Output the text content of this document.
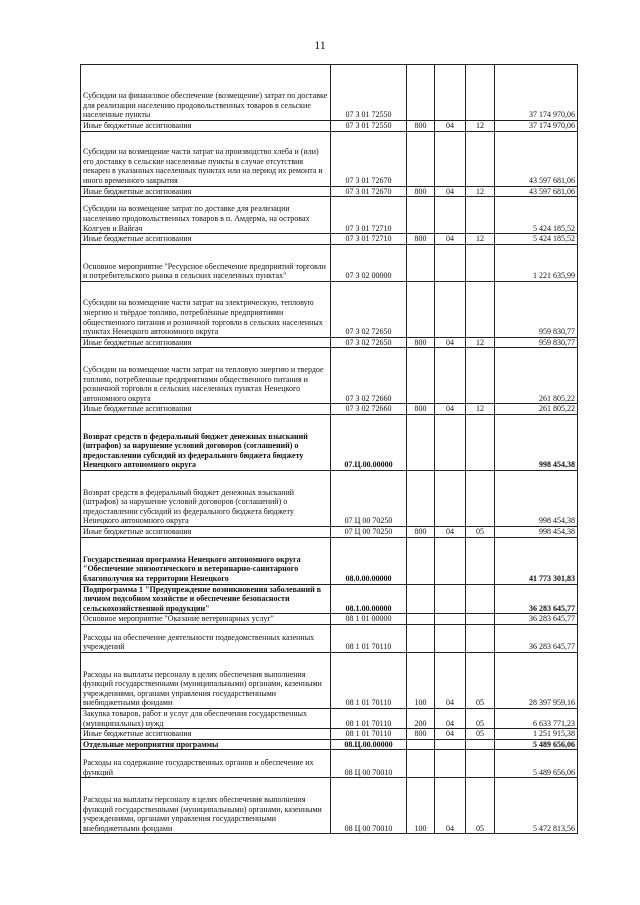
11
Субсидии на финансовое обеспечение (возмещение) затрат по доставке для реализации населению продовольственных товаров в сельские населенные пункты	07 3 01 72550				37 174 970,06
Иные бюджетные ассигнования	07 3 01 72550	800	04	12	37 174 970,06
Субсидии на возмещение части затрат на производство хлеба и (или) его доставку в сельские населенные пункты в случае отсутствия пекарен в указанных населенных пунктах или на период их ремонта и иного временного закрытия	07 3 01 72670				43 597 681,06
Иные бюджетные ассигнования	07 3 01 72670	800	04	12	43 597 681,06
Субсидии на возмещение затрат по доставке для реализации населению продовольственных товаров в п. Амдерма, на островах Колгуев и Вайгач	07 3 01 72710				5 424 185,52
Иные бюджетные ассигнования	07 3 01 72710	800	04	12	5 424 185,52
Основное мероприятие "Ресурсное обеспечение предприятий торговли и потребительского рынка в сельских населенных пунктах"	07 3 02 00000				1 221 635,99
Субсидии на возмещение части затрат на электрическую, тепловую энергию и твёрдое топливо, потреблённые предприятиями общественного питания и розничной торговли в сельских населенных пунктах Ненецкого автономного округа	07 3 02 72650				959 830,77
Иные бюджетные ассигнования	07 3 02 72650	800	04	12	959 830,77
Субсидии на возмещение части затрат на тепловую энергию и твердое топливо, потребленные предприятиями общественного питания и розничной торговли в сельских населенных пунктах Ненецкого автономного округа	07 3 02 72660				261 805,22
Иные бюджетные ассигнования	07 3 02 72660	800	04	12	261 805,22
Возврат средств в федеральный бюджет денежных взысканий (штрафов) за нарушение условий договоров (соглашений) о предоставлении субсидий из федерального бюджета бюджету Ненецкого автономного округа	07.Ц.00.00000				998 454,38
Возврат средств в федеральный бюджет денежных взысканий (штрафов) за нарушение условий договоров (соглашений) о предоставлении субсидий из федерального бюджета бюджету Ненецкого автономного округа	07 Ц 00 70250				998 454,38
Иные бюджетные ассигнования	07 Ц 00 70250	800	04	05	998 454,38
Государственная программа Ненецкого автономного округа "Обеспечение эпизоотического и ветеринарно-санитарного благополучия на территории Ненецкого	08.0.00.00000				41 773 301,83
Подпрограмма 1 "Предупреждение возникновения заболеваний в личном подсобном хозяйстве и обеспечение безопасности сельскохозяйственной продукции"	08.1.00.00000				36 283 645,77
Основное мероприятие "Оказание ветеринарных услуг"	08 1 01 00000				36 283 645,77
Расходы на обеспечение деятельности подведомственных казенных учреждений	08 1 01 70110				36 283 645,77
Расходы на выплаты персоналу в целях обеспечения выполнения функций государственными (муниципальными) органами, казенными учреждениями, органами управления государственными внебюджетными фондами	08 1 01 70110	100	04	05	28 397 959,16
Закупка товаров, работ и услуг для обеспечения государственных (муниципальных) нужд	08 1 01 70110	200	04	05	6 633 771,23
Иные бюджетные ассигнования	08 1 01 70110	800	04	05	1 251 915,38
Отдельные мероприятия программы	08.Ц.00.00000				5 489 656,06
Расходы на содержание государственных органов и обеспечение их функций	08 Ц 00 70010				5 489 656,06
Расходы на выплаты персоналу в целях обеспечения выполнения функций государственными (муниципальными) органами, казенными учреждениями, органами управления государственными внебюджетными фондами	08 Ц 00 70010	100	04	05	5 472 813,56
